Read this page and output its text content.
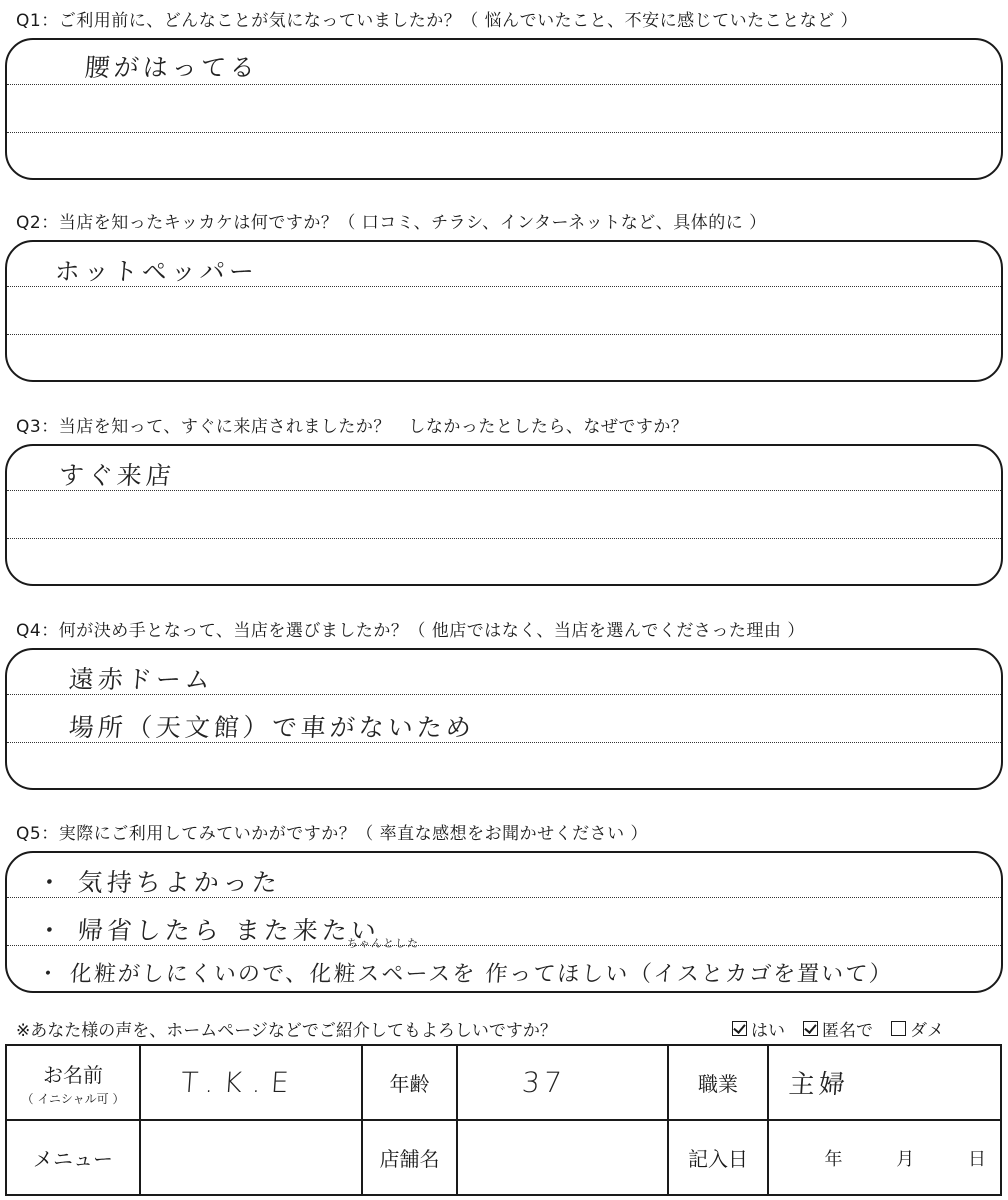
Q1：ご利用前に、どんなことが気になっていましたか？（ 悩んでいたこと、不安に感じていたことなど ）
腰がはってる
Q2：当店を知ったキッカケは何ですか？（ 口コミ、チラシ、インターネットなど、具体的に ）
ホットペッパー
Q3：当店を知って、すぐに来店されましたか？　しなかったとしたら、なぜですか？
すぐ来店
Q4：何が決め手となって、当店を選びましたか？（ 他店ではなく、当店を選んでくださった理由 ）
遠赤ドーム
場所（天文館）で車がないため
Q5：実際にご利用してみていかがですか？（ 率直な感想をお聞かせください ）
・ 気持ちよかった
・ 帰省したら また来たい
ちゃんとした
・ 化粧がしにくいので、化粧スペースを 作ってほしい（イスとカゴを置いて）
※あなた様の声を、ホームページなどでご紹介してもよろしいですか？	はい 匿名で ダメ
お名前
（ イニシャル可 ）	T.K.E	年齢	37	職業	主婦
メニュー		店舗名		記入日	年 月 日
